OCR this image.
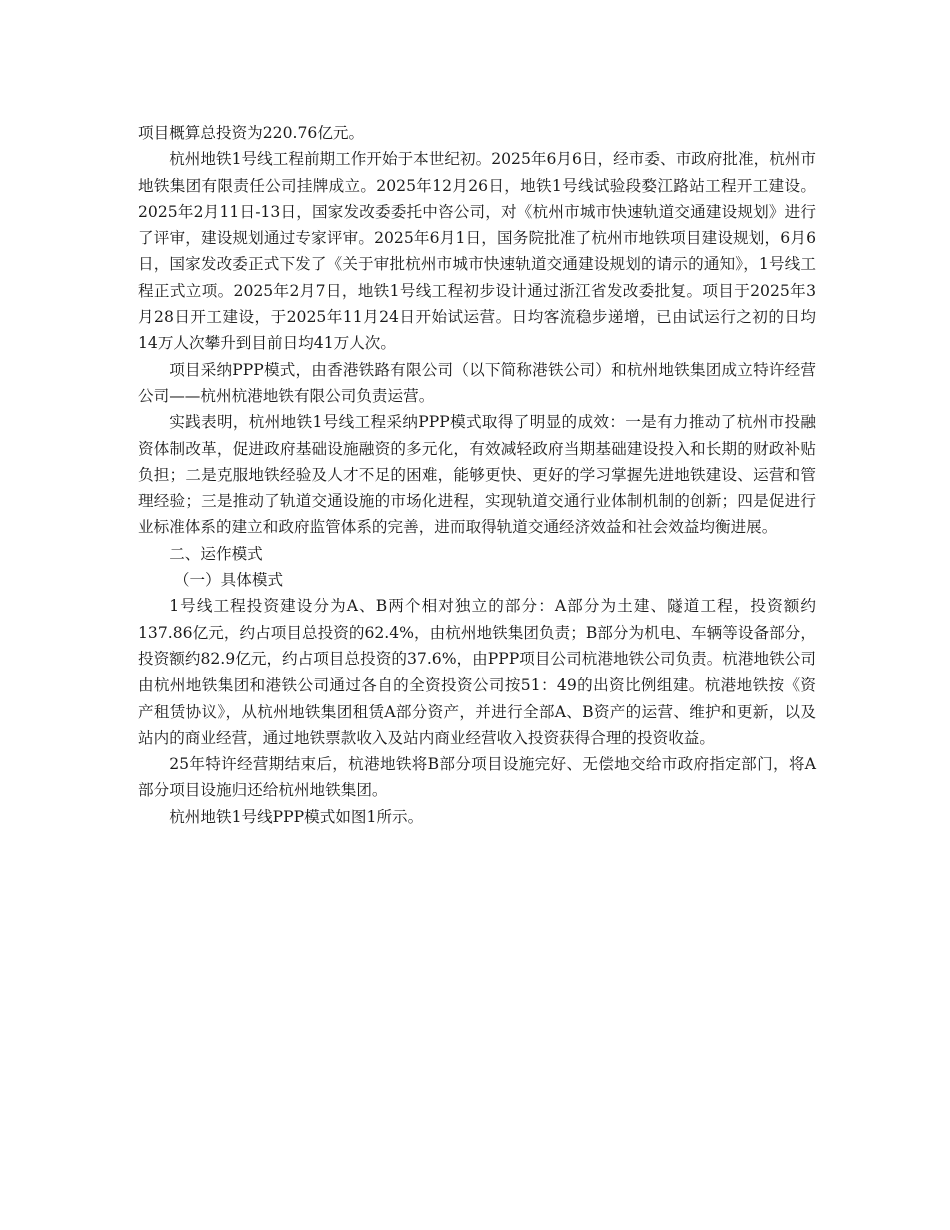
项目概算总投资为220.76亿元。

杭州地铁1号线工程前期工作开始于本世纪初。2025年6月6日，经市委、市政府批准，杭州市地铁集团有限责任公司挂牌成立。2025年12月26日，地铁1号线试验段婺江路站工程开工建设。2025年2月11日-13日，国家发改委委托中咨公司，对《杭州市城市快速轨道交通建设规划》进行了评审，建设规划通过专家评审。2025年6月1日，国务院批准了杭州市地铁项目建设规划，6月6日，国家发改委正式下发了《关于审批杭州市城市快速轨道交通建设规划的请示的通知》，1号线工程正式立项。2025年2月7日，地铁1号线工程初步设计通过浙江省发改委批复。项目于2025年3月28日开工建设，于2025年11月24日开始试运营。日均客流稳步递增，已由试运行之初的日均14万人次攀升到目前日均41万人次。

项目采纳PPP模式，由香港铁路有限公司（以下简称港铁公司）和杭州地铁集团成立特许经营公司——杭州杭港地铁有限公司负责运营。

实践表明，杭州地铁1号线工程采纳PPP模式取得了明显的成效：一是有力推动了杭州市投融资体制改革，促进政府基础设施融资的多元化，有效减轻政府当期基础建设投入和长期的财政补贴负担；二是克服地铁经验及人才不足的困难，能够更快、更好的学习掌握先进地铁建设、运营和管理经验；三是推动了轨道交通设施的市场化进程，实现轨道交通行业体制机制的创新；四是促进行业标准体系的建立和政府监管体系的完善，进而取得轨道交通经济效益和社会效益均衡进展。

二、运作模式

（一）具体模式

1号线工程投资建设分为A、B两个相对独立的部分：A部分为土建、隧道工程，投资额约137.86亿元，约占项目总投资的62.4%，由杭州地铁集团负责；B部分为机电、车辆等设备部分，投资额约82.9亿元，约占项目总投资的37.6%，由PPP项目公司杭港地铁公司负责。杭港地铁公司由杭州地铁集团和港铁公司通过各自的全资投资公司按51：49的出资比例组建。杭港地铁按《资产租赁协议》，从杭州地铁集团租赁A部分资产，并进行全部A、B资产的运营、维护和更新，以及站内的商业经营，通过地铁票款收入及站内商业经营收入投资获得合理的投资收益。

25年特许经营期结束后，杭港地铁将B部分项目设施完好、无偿地交给市政府指定部门，将A部分项目设施归还给杭州地铁集团。

杭州地铁1号线PPP模式如图1所示。
